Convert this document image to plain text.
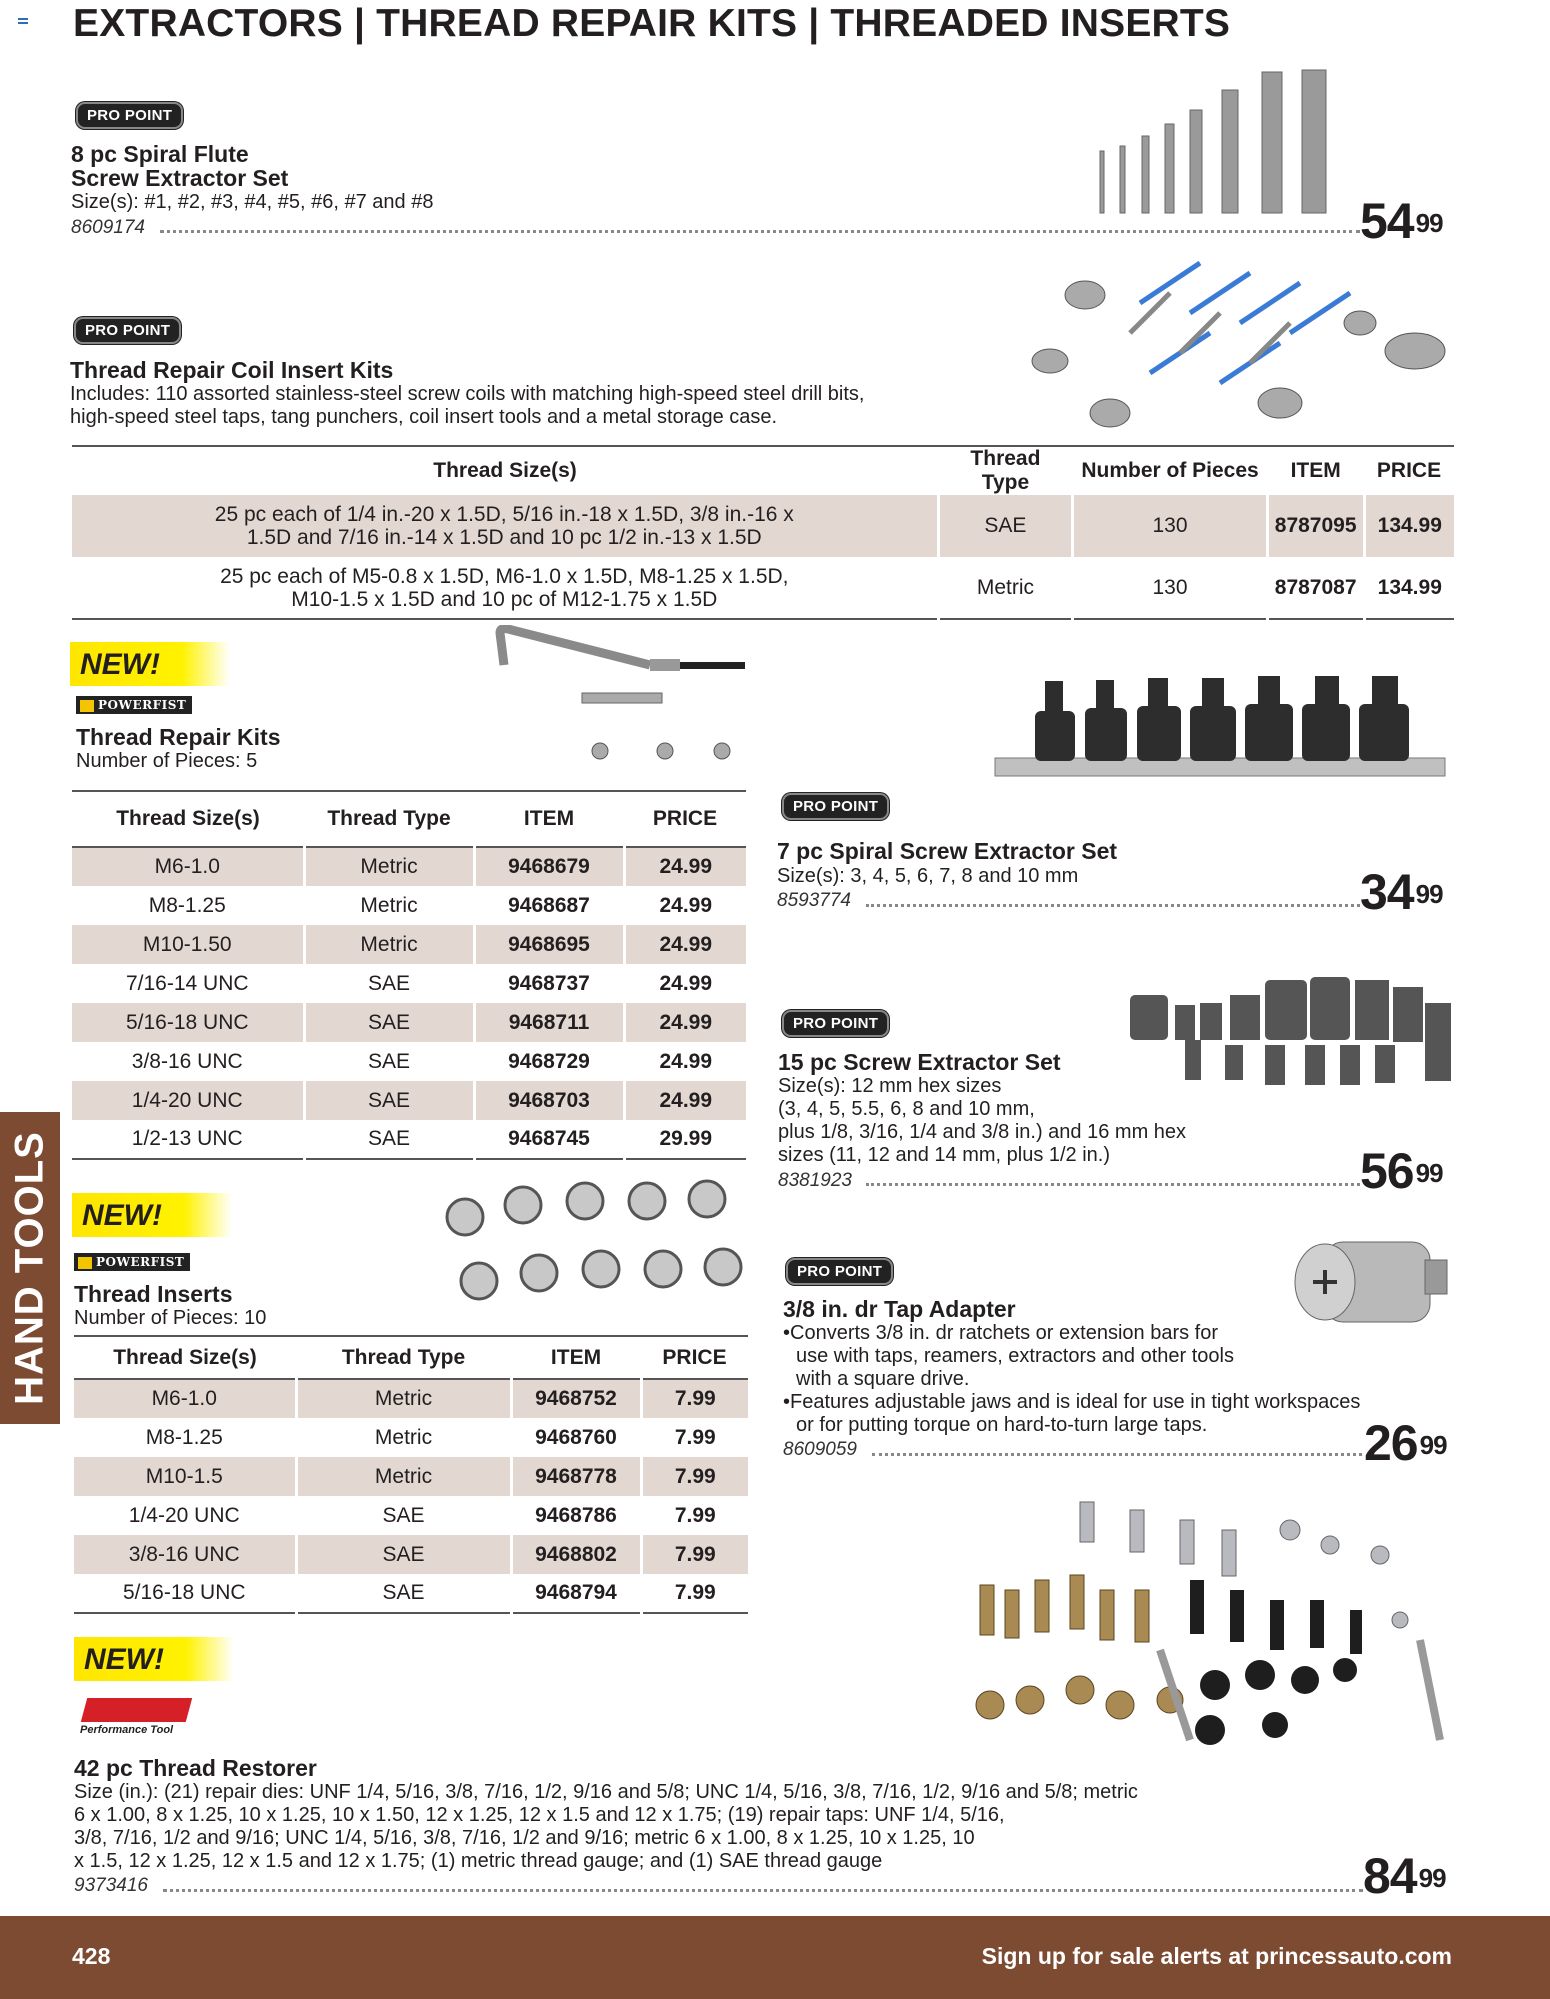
EXTRACTORS | THREAD REPAIR KITS | THREADED INSERTS
PRO POINT
8 pc Spiral Flute
Screw Extractor Set
Size(s): #1, #2, #3, #4, #5, #6, #7 and #8
8609174	$54^{99}$
PRO POINT
Thread Repair Coil Insert Kits
Includes: 110 assorted stainless-steel screw coils with matching high-speed steel drill bits,
high-speed steel taps, tang punchers, coil insert tools and a metal storage case.
Thread Size(s)	Thread Type	Number of Pieces	ITEM	PRICE

25 pc each of 1/4 in.-20 x 1.5D, 5/16 in.-18 x 1.5D, 3/8 in.-16 x
1.5D and 7/16 in.-14 x 1.5D and 10 pc 1/2 in.-13 x 1.5D	SAE	130	8787095	134.99

25 pc each of M5-0.8 x 1.5D, M6-1.0 x 1.5D, M8-1.25 x 1.5D,
M10-1.5 x 1.5D and 10 pc of M12-1.75 x 1.5D	Metric	130	8787087	134.99
NEW!
POWERFIST
Thread Repair Kits
Number of Pieces: 5
Thread Size(s)	Thread Type	ITEM	PRICE
M6-1.0	Metric	9468679	24.99
M8-1.25	Metric	9468687	24.99
M10-1.50	Metric	9468695	24.99
7/16-14 UNC	SAE	9468737	24.99
5/16-18 UNC	SAE	9468711	24.99
3/8-16 UNC	SAE	9468729	24.99
1/4-20 UNC	SAE	9468703	24.99
1/2-13 UNC	SAE	9468745	29.99
NEW!
POWERFIST
Thread Inserts
Number of Pieces: 10
Thread Size(s)	Thread Type	ITEM	PRICE
M6-1.0	Metric	9468752	7.99
M8-1.25	Metric	9468760	7.99
M10-1.5	Metric	9468778	7.99
1/4-20 UNC	SAE	9468786	7.99
3/8-16 UNC	SAE	9468802	7.99
5/16-18 UNC	SAE	9468794	7.99
PRO POINT
7 pc Spiral Screw Extractor Set
Size(s): 3, 4, 5, 6, 7, 8 and 10 mm
8593774	$34^{99}$
PRO POINT
15 pc Screw Extractor Set
Size(s): 12 mm hex sizes
(3, 4, 5, 5.5, 6, 8 and 10 mm,
plus 1/8, 3/16, 1/4 and 3/8 in.) and 16 mm hex
sizes (11, 12 and 14 mm, plus 1/2 in.)
8381923	$56^{99}$
PRO POINT
3/8 in. dr Tap Adapter
•Converts 3/8 in. dr ratchets or extension bars for
use with taps, reamers, extractors and other tools
with a square drive.
•Features adjustable jaws and is ideal for use in tight workspaces
or for putting torque on hard-to-turn large taps.
8609059	$26^{99}$
NEW!
Performance Tool
42 pc Thread Restorer
Size (in.): (21) repair dies: UNF 1/4, 5/16, 3/8, 7/16, 1/2, 9/16 and 5/8; UNC 1/4, 5/16, 3/8, 7/16, 1/2, 9/16 and 5/8; metric
6 x 1.00, 8 x 1.25, 10 x 1.25, 10 x 1.50, 12 x 1.25, 12 x 1.5 and 12 x 1.75; (19) repair taps: UNF 1/4, 5/16,
3/8, 7/16, 1/2 and 9/16; UNC 1/4, 5/16, 3/8, 7/16, 1/2 and 9/16; metric 6 x 1.00, 8 x 1.25, 10 x 1.25, 10
x 1.5, 12 x 1.25, 12 x 1.5 and 12 x 1.75; (1) metric thread gauge; and (1) SAE thread gauge
9373416	$84^{99}$
HAND TOOLS
428	Sign up for sale alerts at princessauto.com
